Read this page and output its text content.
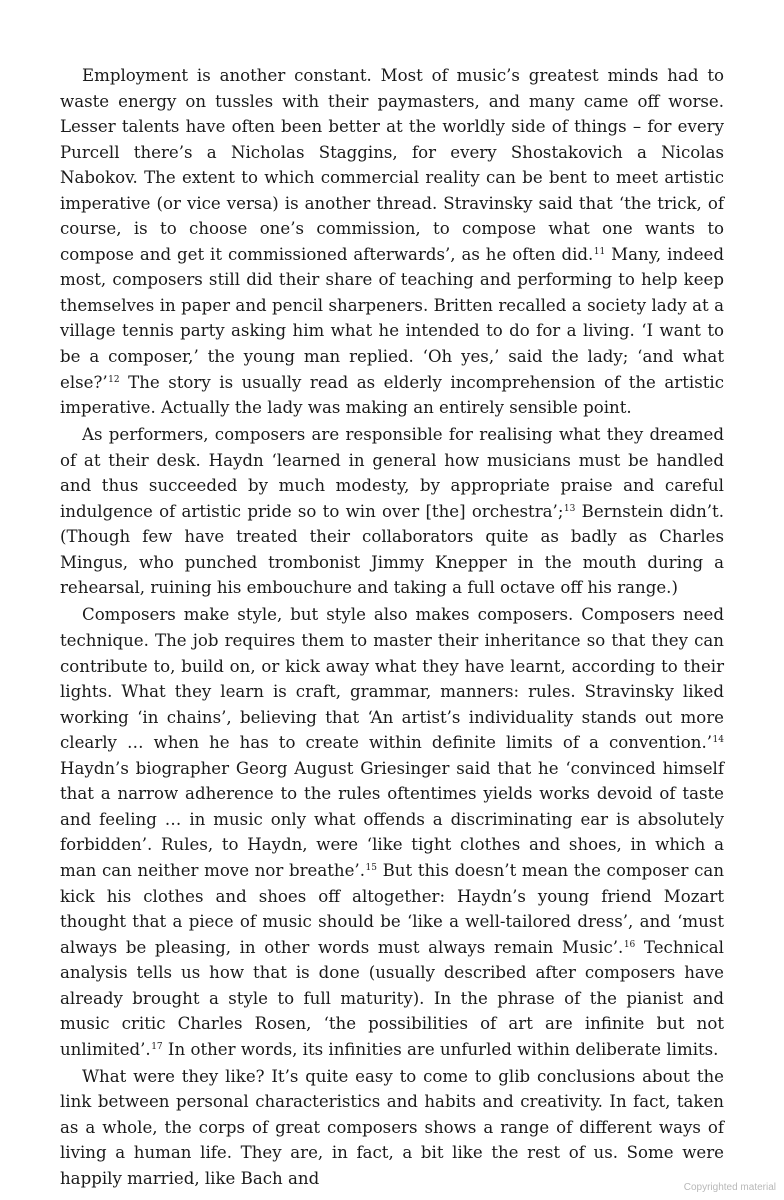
Employment is another constant. Most of music’s greatest minds had to waste energy on tussles with their paymasters, and many came off worse. Lesser talents have often been better at the worldly side of things – for every Purcell there’s a Nicholas Staggins, for every Shostakovich a Nicolas Nabokov. The extent to which commercial reality can be bent to meet artistic imperative (or vice versa) is another thread. Stravinsky said that ‘the trick, of course, is to choose one’s commission, to compose what one wants to compose and get it commissioned afterwards’, as he often did.$^{11}$ Many, indeed most, composers still did their share of teaching and performing to help keep themselves in paper and pencil sharpeners. Britten recalled a society lady at a village tennis party asking him what he intended to do for a living. ‘I want to be a composer,’ the young man replied. ‘Oh yes,’ said the lady; ‘and what else?’$^{12}$ The story is usually read as elderly incomprehension of the artistic imperative. Actually the lady was making an entirely sensible point.

As performers, composers are responsible for realising what they dreamed of at their desk. Haydn ‘learned in general how musicians must be handled and thus succeeded by much modesty, by appropriate praise and careful indulgence of artistic pride so to win over [the] orchestra’;$^{13}$ Bernstein didn’t. (Though few have treated their collaborators quite as badly as Charles Mingus, who punched trombonist Jimmy Knepper in the mouth during a rehearsal, ruining his embouchure and taking a full octave off his range.)

Composers make style, but style also makes composers. Composers need technique. The job requires them to master their inheritance so that they can contribute to, build on, or kick away what they have learnt, according to their lights. What they learn is craft, grammar, manners: rules. Stravinsky liked working ‘in chains’, believing that ‘An artist’s individuality stands out more clearly … when he has to create within definite limits of a convention.’$^{14}$ Haydn’s biographer Georg August Griesinger said that he ‘convinced himself that a narrow adherence to the rules oftentimes yields works devoid of taste and feeling … in music only what offends a discriminating ear is absolutely forbidden’. Rules, to Haydn, were ‘like tight clothes and shoes, in which a man can neither move nor breathe’.$^{15}$ But this doesn’t mean the composer can kick his clothes and shoes off altogether: Haydn’s young friend Mozart thought that a piece of music should be ‘like a well-tailored dress’, and ‘must always be pleasing, in other words must always remain Music’.$^{16}$ Technical analysis tells us how that is done (usually described after composers have already brought a style to full maturity). In the phrase of the pianist and music critic Charles Rosen, ‘the possibilities of art are infinite but not unlimited’.$^{17}$ In other words, its infinities are unfurled within deliberate limits.

What were they like? It’s quite easy to come to glib conclusions about the link between personal characteristics and habits and creativity. In fact, taken as a whole, the corps of great composers shows a range of different ways of living a human life. They are, in fact, a bit like the rest of us. Some were happily married, like Bach and	Copyrighted material
